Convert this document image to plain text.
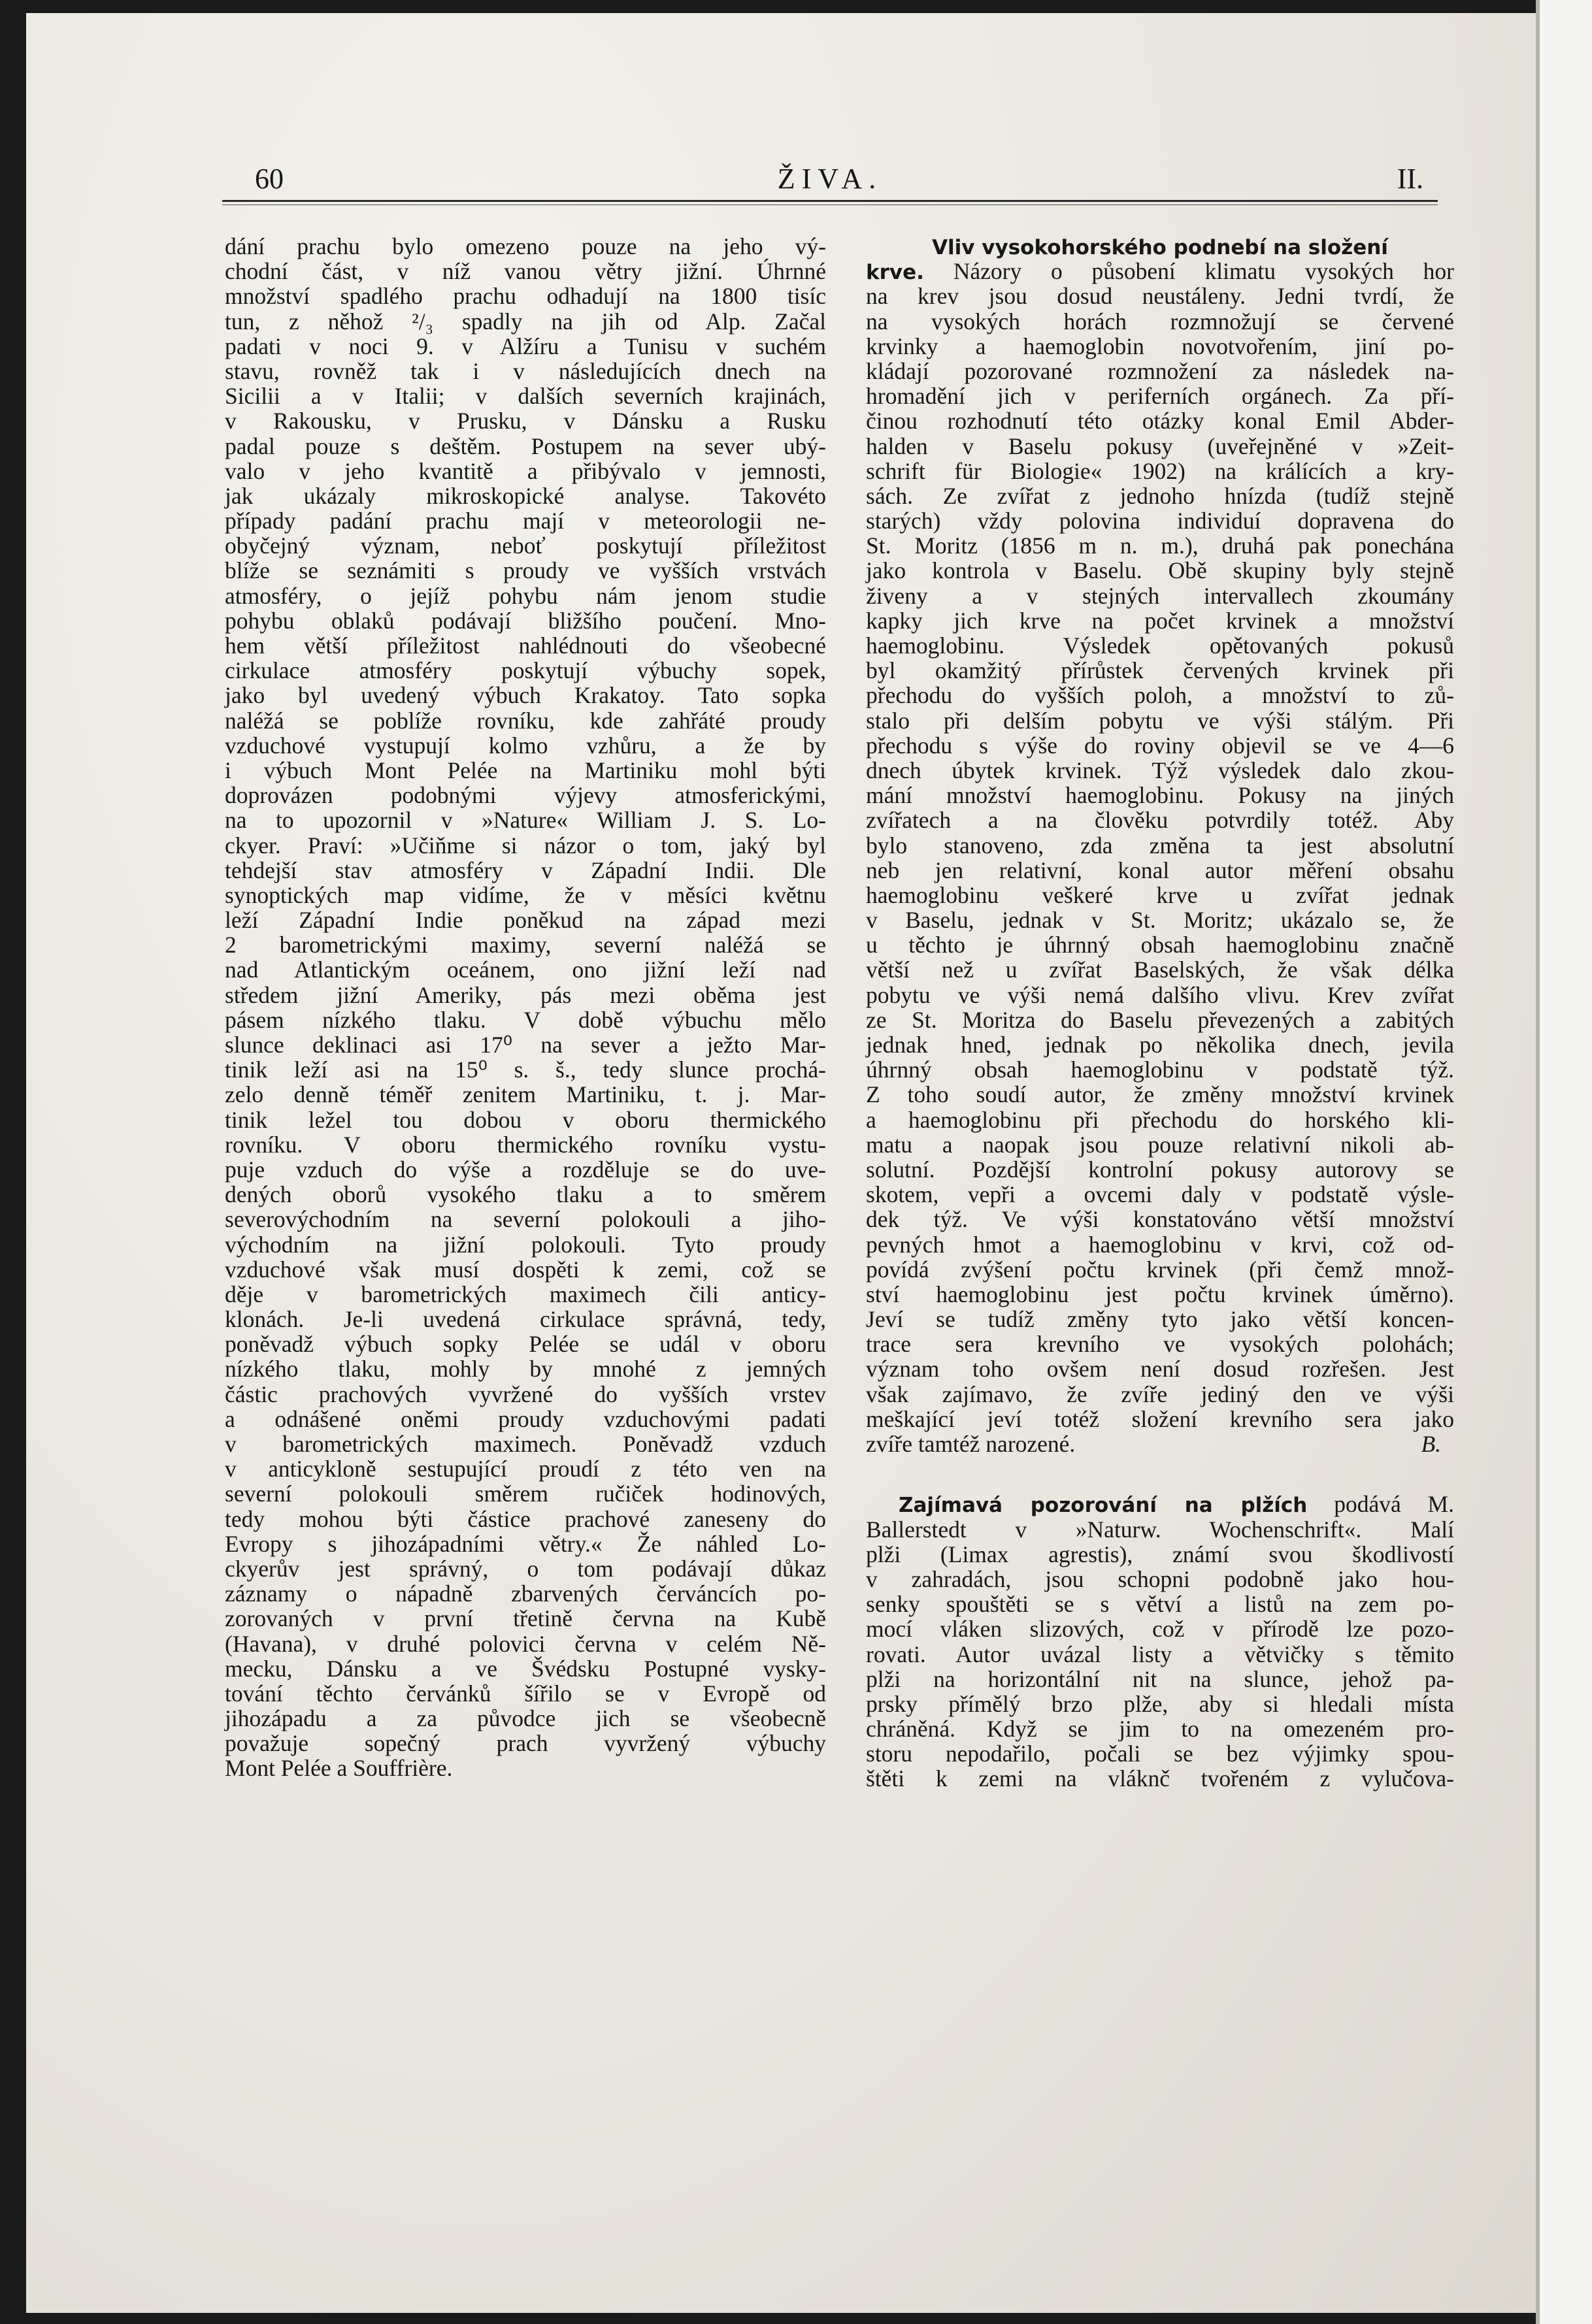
60	ŽIVA.	II.
dání prachu bylo omezeno pouze na jeho vý-
chodní část, v níž vanou větry jižní. Úhrnné
množství spadlého prachu odhadují na 1800 tisíc
tun, z něhož ²/₃ spadly na jih od Alp. Začal
padati v noci 9. v Alžíru a Tunisu v suchém
stavu, rovněž tak i v následujících dnech na
Sicilii a v Italii; v dalších severních krajinách,
v Rakousku, v Prusku, v Dánsku a Rusku
padal pouze s deštěm. Postupem na sever ubý-
valo v jeho kvantitě a přibývalo v jemnosti,
jak ukázaly mikroskopické analyse. Takovéto
případy padání prachu mají v meteorologii ne-
obyčejný význam, neboť poskytují příležitost
blíže se seznámiti s proudy ve vyšších vrstvách
atmosféry, o jejíž pohybu nám jenom studie
pohybu oblaků podávají bližšího poučení. Mno-
hem větší příležitost nahlédnouti do všeobecné
cirkulace atmosféry poskytují výbuchy sopek,
jako byl uvedený výbuch Krakatoy. Tato sopka
naléžá se poblíže rovníku, kde zahřáté proudy
vzduchové vystupují kolmo vzhůru, a že by
i výbuch Mont Pelée na Martiniku mohl býti
doprovázen podobnými výjevy atmosferickými,
na to upozornil v »Nature« William J. S. Lo-
ckyer. Praví: »Učiňme si názor o tom, jaký byl
tehdejší stav atmosféry v Západní Indii. Dle
synoptických map vidíme, že v měsíci květnu
leží Západní Indie poněkud na západ mezi
2 barometrickými maximy, severní naléžá se
nad Atlantickým oceánem, ono jižní leží nad
středem jižní Ameriky, pás mezi oběma jest
pásem nízkého tlaku. V době výbuchu mělo
slunce deklinaci asi 17⁰ na sever a ježto Mar-
tinik leží asi na 15⁰ s. š., tedy slunce prochá-
zelo denně téměř zenitem Martiniku, t. j. Mar-
tinik ležel tou dobou v oboru thermického
rovníku. V oboru thermického rovníku vystu-
puje vzduch do výše a rozděluje se do uve-
dených oborů vysokého tlaku a to směrem
severovýchodním na severní polokouli a jiho-
východním na jižní polokouli. Tyto proudy
vzduchové však musí dospěti k zemi, což se
děje v barometrických maximech čili anticy-
klonách. Je-li uvedená cirkulace správná, tedy,
poněvadž výbuch sopky Pelée se udál v oboru
nízkého tlaku, mohly by mnohé z jemných
částic prachových vyvržené do vyšších vrstev
a odnášené oněmi proudy vzduchovými padati
v barometrických maximech. Poněvadž vzduch
v anticykloně sestupující proudí z této ven na
severní polokouli směrem ručiček hodinových,
tedy mohou býti částice prachové zaneseny do
Evropy s jihozápadními větry.« Že náhled Lo-
ckyerův jest správný, o tom podávají důkaz
záznamy o nápadně zbarvených červáncích po-
zorovaných v první třetině června na Kubě
(Havana), v druhé polovici června v celém Ně-
mecku, Dánsku a ve Švédsku Postupné vysky-
tování těchto červánků šířilo se v Evropě od
jihozápadu a za původce jich se všeobecně
považuje sopečný prach vyvržený výbuchy
Mont Pelée a Souffrière.
Vliv vysokohorského podnebí na složení
krve. Názory o působení klimatu vysokých hor
na krev jsou dosud neustáleny. Jedni tvrdí, že
na vysokých horách rozmnožují se červené
krvinky a haemoglobin novotvořením, jiní po-
kládají pozorované rozmnožení za následek na-
hromadění jich v periferních orgánech. Za pří-
činou rozhodnutí této otázky konal Emil Abder-
halden v Baselu pokusy (uveřejněné v »Zeit-
schrift für Biologie« 1902) na králících a kry-
sách. Ze zvířat z jednoho hnízda (tudíž stejně
starých) vždy polovina individuí dopravena do
St. Moritz (1856 m n. m.), druhá pak ponechána
jako kontrola v Baselu. Obě skupiny byly stejně
živeny a v stejných intervallech zkoumány
kapky jich krve na počet krvinek a množství
haemoglobinu. Výsledek opětovaných pokusů
byl okamžitý přírůstek červených krvinek při
přechodu do vyšších poloh, a množství to zů-
stalo při delším pobytu ve výši stálým. Při
přechodu s výše do roviny objevil se ve 4—6
dnech úbytek krvinek. Týž výsledek dalo zkou-
mání množství haemoglobinu. Pokusy na jiných
zvířatech a na člověku potvrdily totéž. Aby
bylo stanoveno, zda změna ta jest absolutní
neb jen relativní, konal autor měření obsahu
haemoglobinu veškeré krve u zvířat jednak
v Baselu, jednak v St. Moritz; ukázalo se, že
u těchto je úhrnný obsah haemoglobinu značně
větší než u zvířat Baselských, že však délka
pobytu ve výši nemá dalšího vlivu. Krev zvířat
ze St. Moritza do Baselu převezených a zabitých
jednak hned, jednak po několika dnech, jevila
úhrnný obsah haemoglobinu v podstatě týž.
Z toho soudí autor, že změny množství krvinek
a haemoglobinu při přechodu do horského kli-
matu a naopak jsou pouze relativní nikoli ab-
solutní. Pozdější kontrolní pokusy autorovy se
skotem, vepři a ovcemi daly v podstatě výsle-
dek týž. Ve výši konstatováno větší množství
pevných hmot a haemoglobinu v krvi, což od-
povídá zvýšení počtu krvinek (při čemž množ-
ství haemoglobinu jest počtu krvinek úměrno).
Jeví se tudíž změny tyto jako větší koncen-
trace sera krevního ve vysokých polohách;
význam toho ovšem není dosud rozřešen. Jest
však zajímavo, že zvíře jediný den ve výši
meškající jeví totéž složení krevního sera jako
zvíře tamtéž narozené.	B.
Zajímavá pozorování na plžích podává M.
Ballerstedt v »Naturw. Wochenschrift«. Malí
plži (Limax agrestis), známí svou škodlivostí
v zahradách, jsou schopni podobně jako hou-
senky spouštěti se s větví a listů na zem po-
mocí vláken slizových, což v přírodě lze pozo-
rovati. Autor uvázal listy a větvičky s těmito
plži na horizontální nit na slunce, jehož pa-
prsky přímělý brzo plže, aby si hledali místa
chráněná. Když se jim to na omezeném pro-
storu nepodařilo, počali se bez výjimky spou-
štěti k zemi na vláknč tvořeném z vylučova-
